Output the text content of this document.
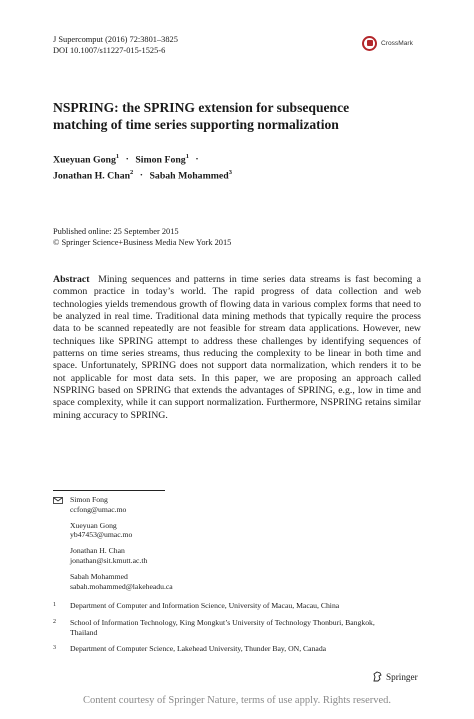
J Supercomput (2016) 72:3801–3825
DOI 10.1007/s11227-015-1525-6
CrossMark
NSPRING: the SPRING extension for subsequence
matching of time series supporting normalization
Xueyuan Gong$^1$ · Simon Fong$^1$ ·
Jonathan H. Chan$^2$ · Sabah Mohammed$^3$
Published online: 25 September 2015
© Springer Science+Business Media New York 2015
Abstract Mining sequences and patterns in time series data streams is fast becoming a common practice in today’s world. The rapid progress of data collection and web technologies yields tremendous growth of flowing data in various complex forms that need to be analyzed in real time. Traditional data mining methods that typically require the process data to be scanned repeatedly are not feasible for stream data applications. However, new techniques like SPRING attempt to address these challenges by identifying sequences of patterns on time series streams, thus reducing the complexity to be linear in both time and space. Unfortunately, SPRING does not support data normalization, which renders it to be not applicable for most data sets. In this paper, we are proposing an approach called NSPRING based on SPRING that extends the advantages of SPRING, e.g., low in time and space complexity, while it can support normalization. Furthermore, NSPRING retains similar mining accuracy to SPRING.
Simon Fong
ccfong@umac.mo
Xueyuan Gong
yb47453@umac.mo
Jonathan H. Chan
jonathan@sit.kmutt.ac.th
Sabah Mohammed
sabah.mohammed@lakeheadu.ca
1 Department of Computer and Information Science, University of Macau, Macau, China
2 School of Information Technology, King Mongkut’s University of Technology Thonburi, Bangkok, Thailand
3 Department of Computer Science, Lakehead University, Thunder Bay, ON, Canada
Springer
Content courtesy of Springer Nature, terms of use apply. Rights reserved.
